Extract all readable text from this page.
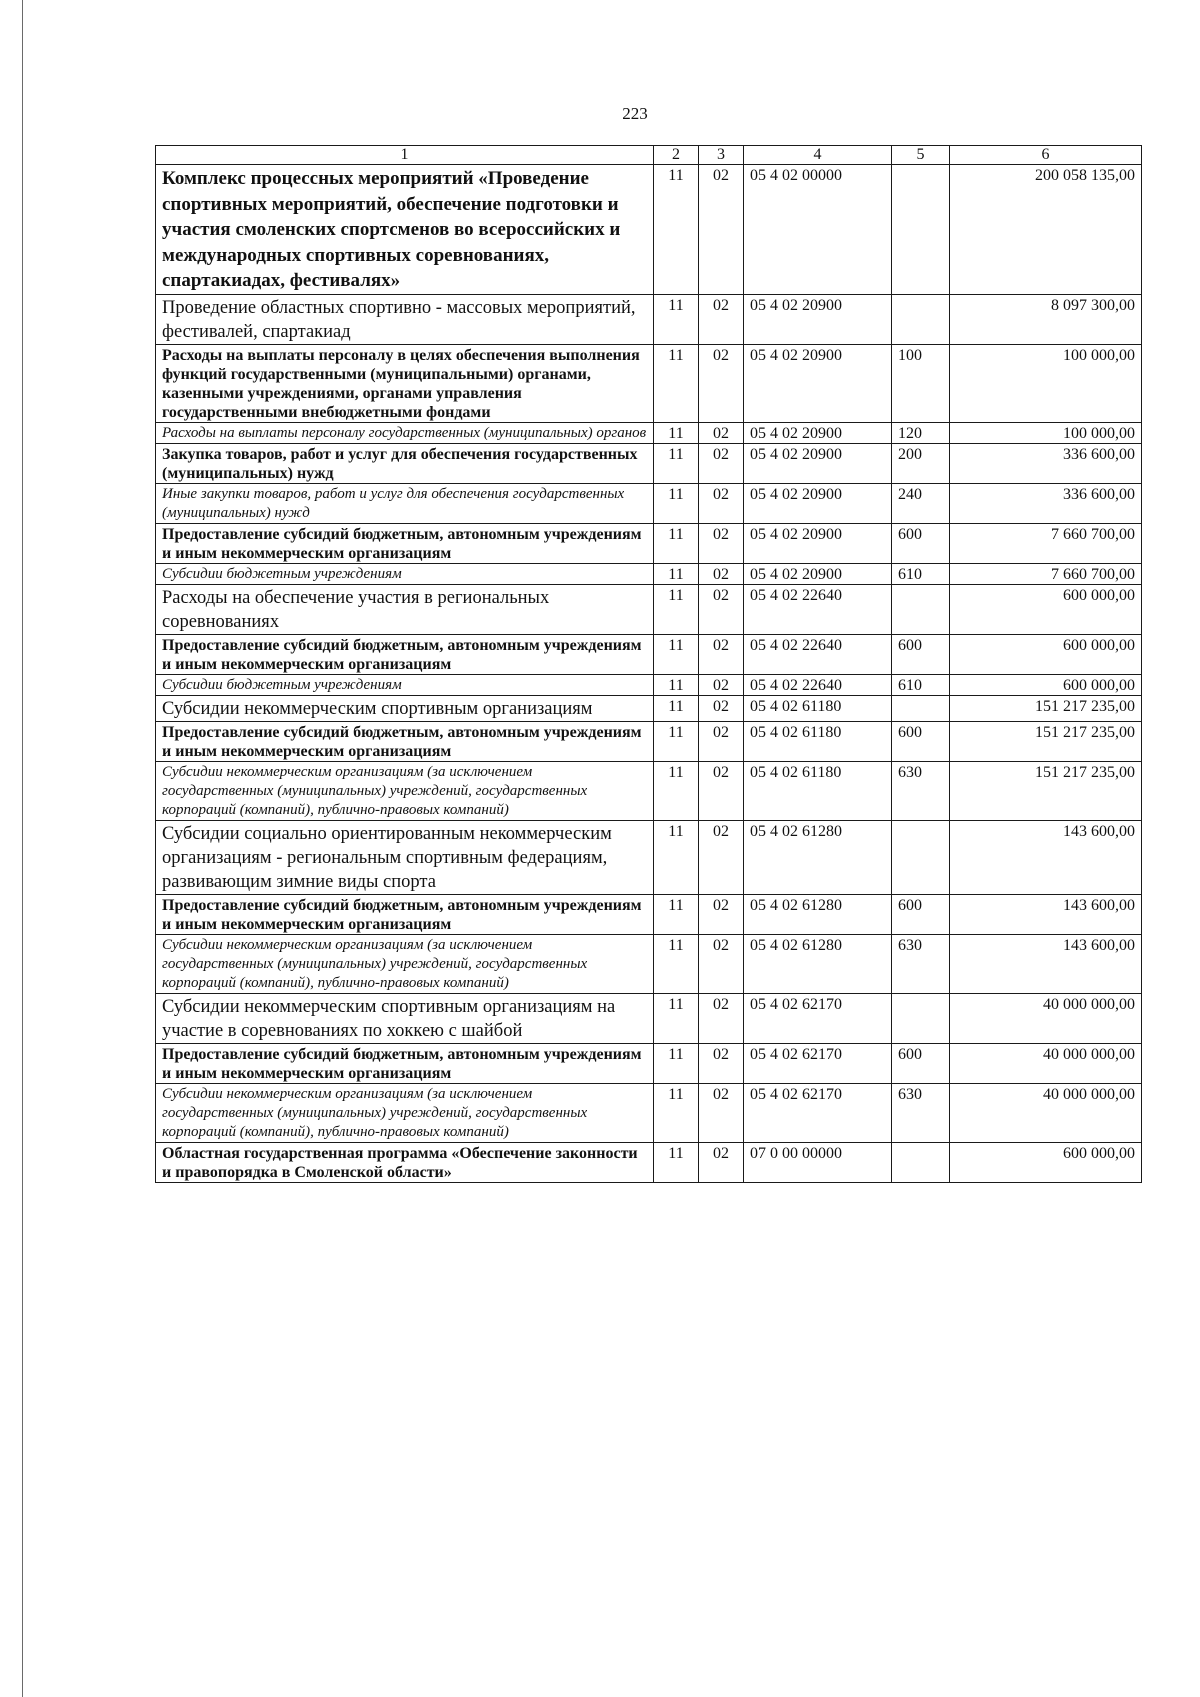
223
1	2	3	4	5	6
Комплекс процессных мероприятий «Проведение спортивных мероприятий, обеспечение подготовки и участия смоленских спортсменов во всероссийских и международных спортивных соревнованиях, спартакиадах, фестивалях»	11	02	05 4 02 00000		200 058 135,00
Проведение областных спортивно - массовых мероприятий, фестивалей, спартакиад	11	02	05 4 02 20900		8 097 300,00
Расходы на выплаты персоналу в целях обеспечения выполнения функций государственными (муниципальными) органами, казенными учреждениями, органами управления государственными внебюджетными фондами	11	02	05 4 02 20900	100	100 000,00
Расходы на выплаты персоналу государственных (муниципальных) органов	11	02	05 4 02 20900	120	100 000,00
Закупка товаров, работ и услуг для обеспечения государственных (муниципальных) нужд	11	02	05 4 02 20900	200	336 600,00
Иные закупки товаров, работ и услуг для обеспечения государственных (муниципальных) нужд	11	02	05 4 02 20900	240	336 600,00
Предоставление субсидий бюджетным, автономным учреждениям и иным некоммерческим организациям	11	02	05 4 02 20900	600	7 660 700,00
Субсидии бюджетным учреждениям	11	02	05 4 02 20900	610	7 660 700,00
Расходы на обеспечение участия в региональных соревнованиях	11	02	05 4 02 22640		600 000,00
Предоставление субсидий бюджетным, автономным учреждениям и иным некоммерческим организациям	11	02	05 4 02 22640	600	600 000,00
Субсидии бюджетным учреждениям	11	02	05 4 02 22640	610	600 000,00
Субсидии некоммерческим спортивным организациям	11	02	05 4 02 61180		151 217 235,00
Предоставление субсидий бюджетным, автономным учреждениям и иным некоммерческим организациям	11	02	05 4 02 61180	600	151 217 235,00
Субсидии некоммерческим организациям (за исключением государственных (муниципальных) учреждений, государственных корпораций (компаний), публично-правовых компаний)	11	02	05 4 02 61180	630	151 217 235,00
Субсидии социально ориентированным некоммерческим организациям - региональным спортивным федерациям, развивающим зимние виды спорта	11	02	05 4 02 61280		143 600,00
Предоставление субсидий бюджетным, автономным учреждениям и иным некоммерческим организациям	11	02	05 4 02 61280	600	143 600,00
Субсидии некоммерческим организациям (за исключением государственных (муниципальных) учреждений, государственных корпораций (компаний), публично-правовых компаний)	11	02	05 4 02 61280	630	143 600,00
Субсидии некоммерческим спортивным организациям на участие в соревнованиях по хоккею с шайбой	11	02	05 4 02 62170		40 000 000,00
Предоставление субсидий бюджетным, автономным учреждениям и иным некоммерческим организациям	11	02	05 4 02 62170	600	40 000 000,00
Субсидии некоммерческим организациям (за исключением государственных (муниципальных) учреждений, государственных корпораций (компаний), публично-правовых компаний)	11	02	05 4 02 62170	630	40 000 000,00
Областная государственная программа «Обеспечение законности и правопорядка в Смоленской области»	11	02	07 0 00 00000		600 000,00
